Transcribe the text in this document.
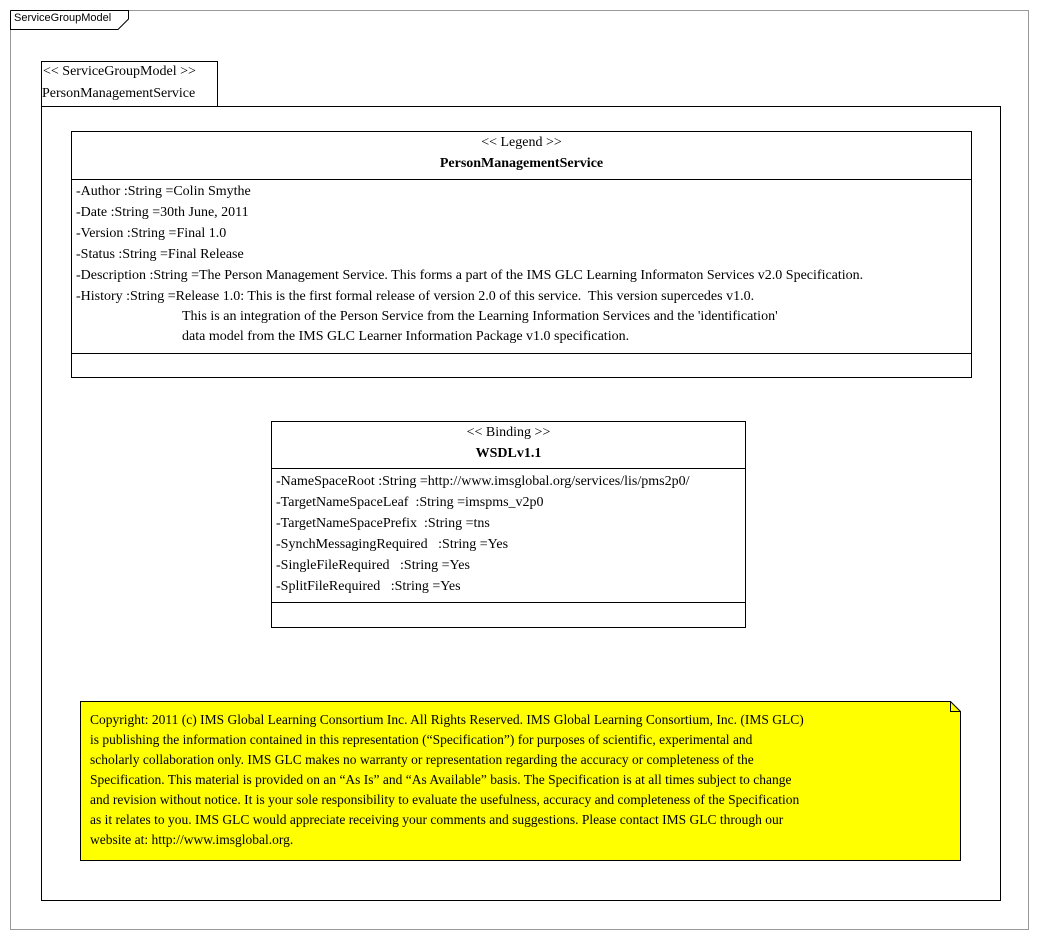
ServiceGroupModel
<< ServiceGroupModel >>
PersonManagementService
<< Legend >>
PersonManagementService
-Author :String =Colin Smythe
-Date :String =30th June, 2011
-Version :String =Final 1.0
-Status :String =Final Release
-Description :String =The Person Management Service. This forms a part of the IMS GLC Learning Informaton Services v2.0 Specification.
-History :String =Release 1.0: This is the first formal release of version 2.0 of this service.  This version supercedes v1.0.
This is an integration of the Person Service from the Learning Information Services and the 'identification'
data model from the IMS GLC Learner Information Package v1.0 specification.
<< Binding >>
WSDLv1.1
-NameSpaceRoot :String =http://www.imsglobal.org/services/lis/pms2p0/
-TargetNameSpaceLeaf  :String =imspms_v2p0
-TargetNameSpacePrefix  :String =tns
-SynchMessagingRequired   :String =Yes
-SingleFileRequired   :String =Yes
-SplitFileRequired   :String =Yes
Copyright: 2011 (c) IMS Global Learning Consortium Inc. All Rights Reserved. IMS Global Learning Consortium, Inc. (IMS GLC)
is publishing the information contained in this representation (“Specification”) for purposes of scientific, experimental and
scholarly collaboration only. IMS GLC makes no warranty or representation regarding the accuracy or completeness of the
Specification. This material is provided on an “As Is” and “As Available” basis. The Specification is at all times subject to change
and revision without notice. It is your sole responsibility to evaluate the usefulness, accuracy and completeness of the Specification
as it relates to you. IMS GLC would appreciate receiving your comments and suggestions. Please contact IMS GLC through our
website at: http://www.imsglobal.org.
